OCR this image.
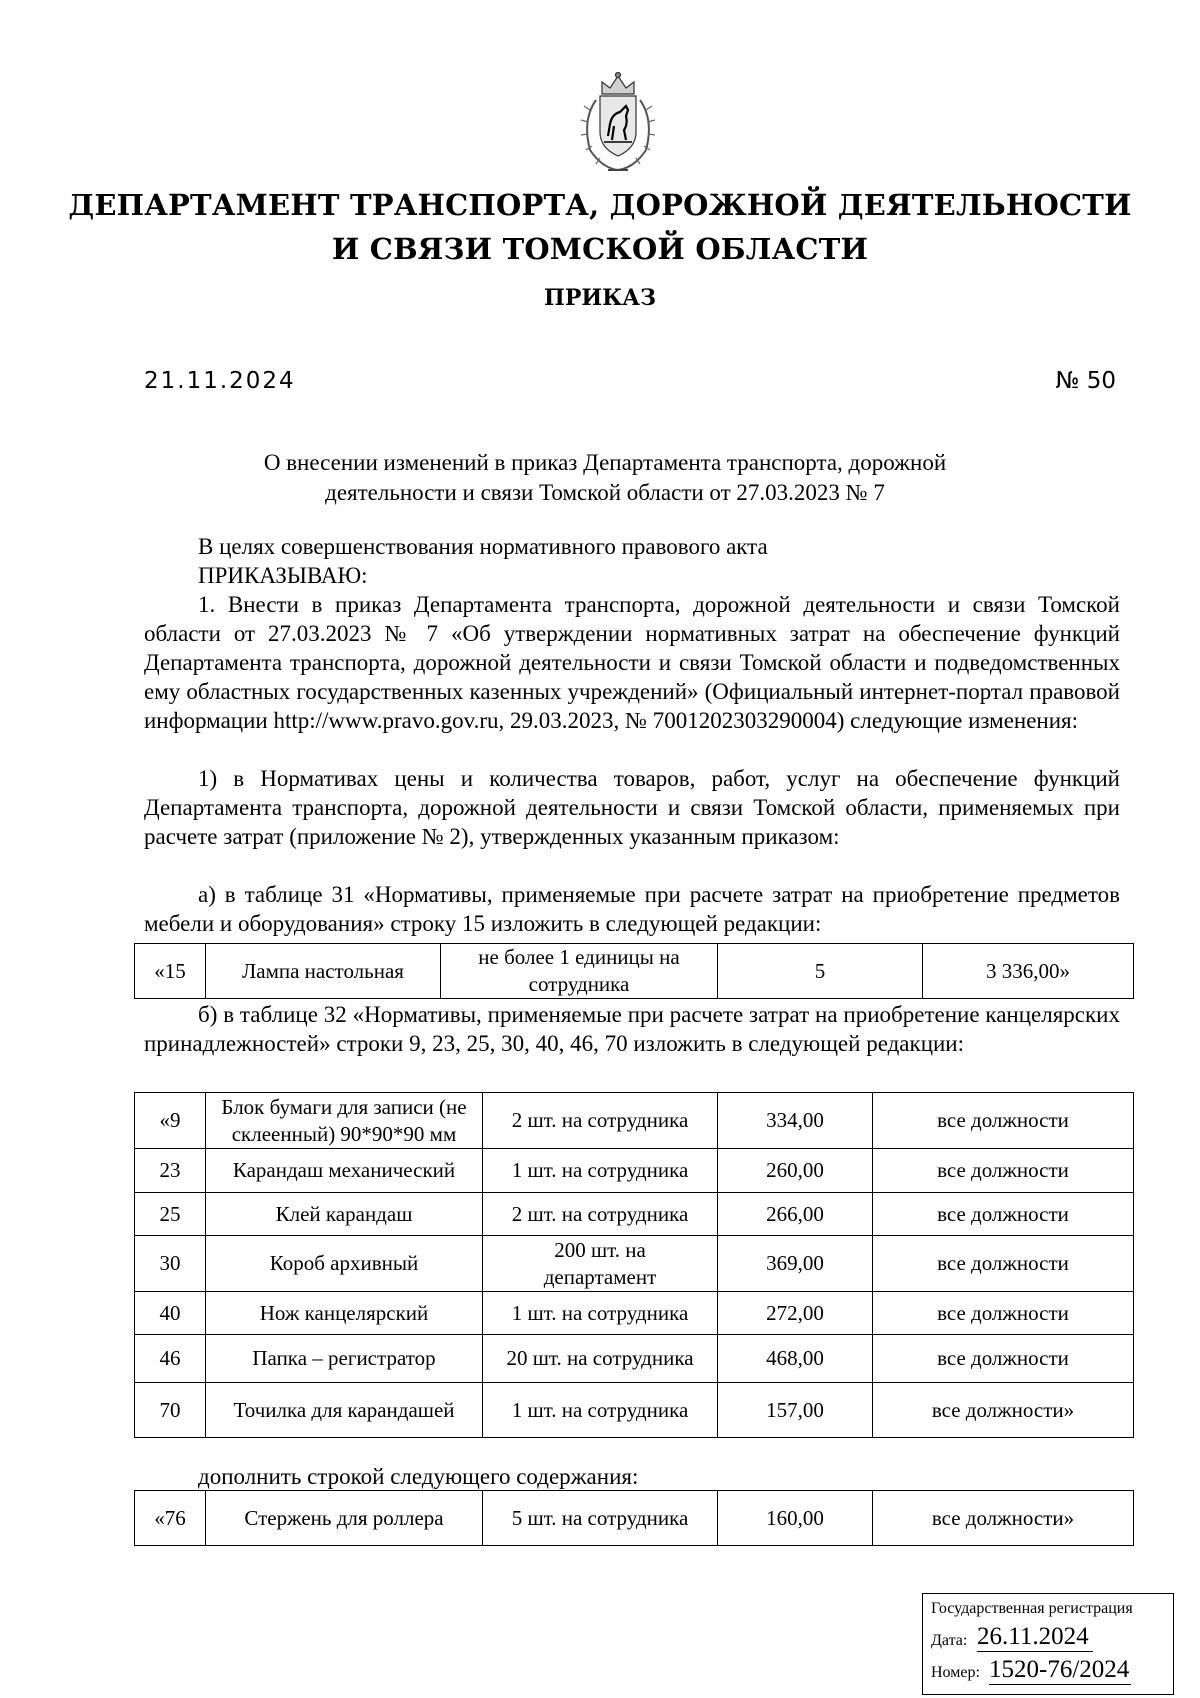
ДЕПАРТАМЕНТ ТРАНСПОРТА, ДОРОЖНОЙ ДЕЯТЕЛЬНОСТИ
И СВЯЗИ ТОМСКОЙ ОБЛАСТИ
ПРИКАЗ
21.11.2024	№ 50
О внесении изменений в приказ Департамента транспорта, дорожной
деятельности и связи Томской области от 27.03.2023 № 7
В целях совершенствования нормативного правового акта
ПРИКАЗЫВАЮ:
1. Внести в приказ Департамента транспорта, дорожной деятельности и связи Томской области от 27.03.2023 № 7 «Об утверждении нормативных затрат на обеспечение функций Департамента транспорта, дорожной деятельности и связи Томской области и подведомственных ему областных государственных казенных учреждений» (Официальный интернет-портал правовой информации http://www.pravo.gov.ru, 29.03.2023, № 7001202303290004) следующие изменения:
1) в Нормативах цены и количества товаров, работ, услуг на обеспечение функций Департамента транспорта, дорожной деятельности и связи Томской области, применяемых при расчете затрат (приложение № 2), утвержденных указанным приказом:
а) в таблице 31 «Нормативы, применяемые при расчете затрат на приобретение предметов мебели и оборудования» строку 15 изложить в следующей редакции:
«15	Лампа настольная	не более 1 единицы на сотрудника	5	3 336,00»
б) в таблице 32 «Нормативы, применяемые при расчете затрат на приобретение канцелярских принадлежностей» строки 9, 23, 25, 30, 40, 46, 70 изложить в следующей редакции:
«9	Блок бумаги для записи (не склеенный) 90*90*90 мм	2 шт. на сотрудника	334,00	все должности
23	Карандаш механический	1 шт. на сотрудника	260,00	все должности
25	Клей карандаш	2 шт. на сотрудника	266,00	все должности
30	Короб архивный	200 шт. на департамент	369,00	все должности
40	Нож канцелярский	1 шт. на сотрудника	272,00	все должности
46	Папка – регистратор	20 шт. на сотрудника	468,00	все должности
70	Точилка для карандашей	1 шт. на сотрудника	157,00	все должности»
дополнить строкой следующего содержания:
«76	Стержень для роллера	5 шт. на сотрудника	160,00	все должности»
Государственная регистрация
Дата: 26.11.2024
Номер: 1520-76/2024
